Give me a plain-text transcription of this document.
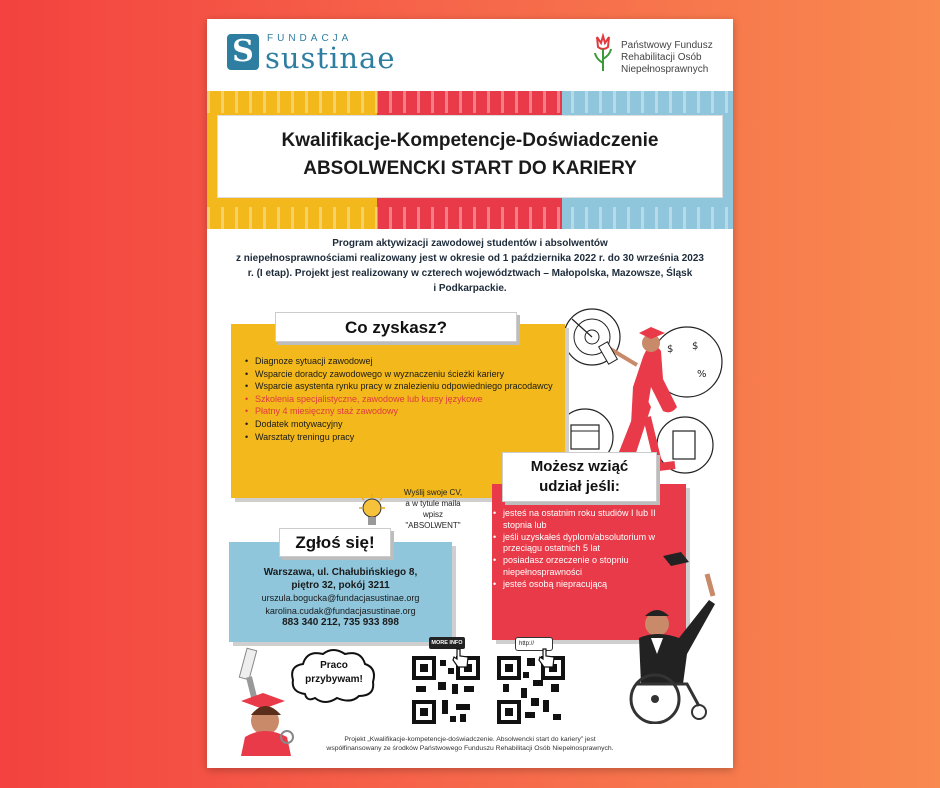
S	FUNDACJA
sustinae	Państwowy Fundusz
Rehabilitacji Osób
Niepełnosprawnych
Kwalifikacje-Kompetencje-Doświadczenie
ABSOLWENCKI START DO KARIERY
Program aktywizacji zawodowej studentów i absolwentów
z niepełnosprawnościami realizowany jest w okresie od 1 października 2022 r. do 30 września 2023
r. (I etap). Projekt jest realizowany w czterech województwach – Małopolska, Mazowsze, Śląsk
i Podkarpackie.
$ $
%
Co zyskasz?
• Diagnoze sytuacji zawodowej
• Wsparcie doradcy zawodowego w wyznaczeniu ścieżki kariery
• Wsparcie asystenta rynku pracy w znalezieniu odpowiedniego pracodawcy
• Szkolenia specjalistyczne, zawodowe lub kursy językowe
• Płatny 4 miesięczny staż zawodowy
• Dodatek motywacyjny
• Warsztaty treningu pracy
Wyślij swoje CV,
a w tytule maila
wpisz
"ABSOLWENT"
Możesz wziąć
udział jeśli:
• jesteś na ostatnim roku studiów I lub II stopnia lub
• jeśli uzyskałeś dyplom/absolutorium w przeciągu ostatnich 5 lat
• posiadasz orzeczenie o stopniu niepełnosprawności
• jesteś osobą niepracującą
Zgłoś się!
Warszawa, ul. Chałubińskiego 8,
piętro 32, pokój 3211
urszula.bogucka@fundacjasustinae.org
karolina.cudak@fundacjasustinae.org
883 340 212, 735 933 898
Praco
przybywam!
MORE INFO	http://
Projekt „Kwalifikacje-kompetencje-doświadczenie. Absolwencki start do kariery” jest
współfinansowany ze środków Państwowego Funduszu Rehabilitacji Osób Niepełnosprawnych.
